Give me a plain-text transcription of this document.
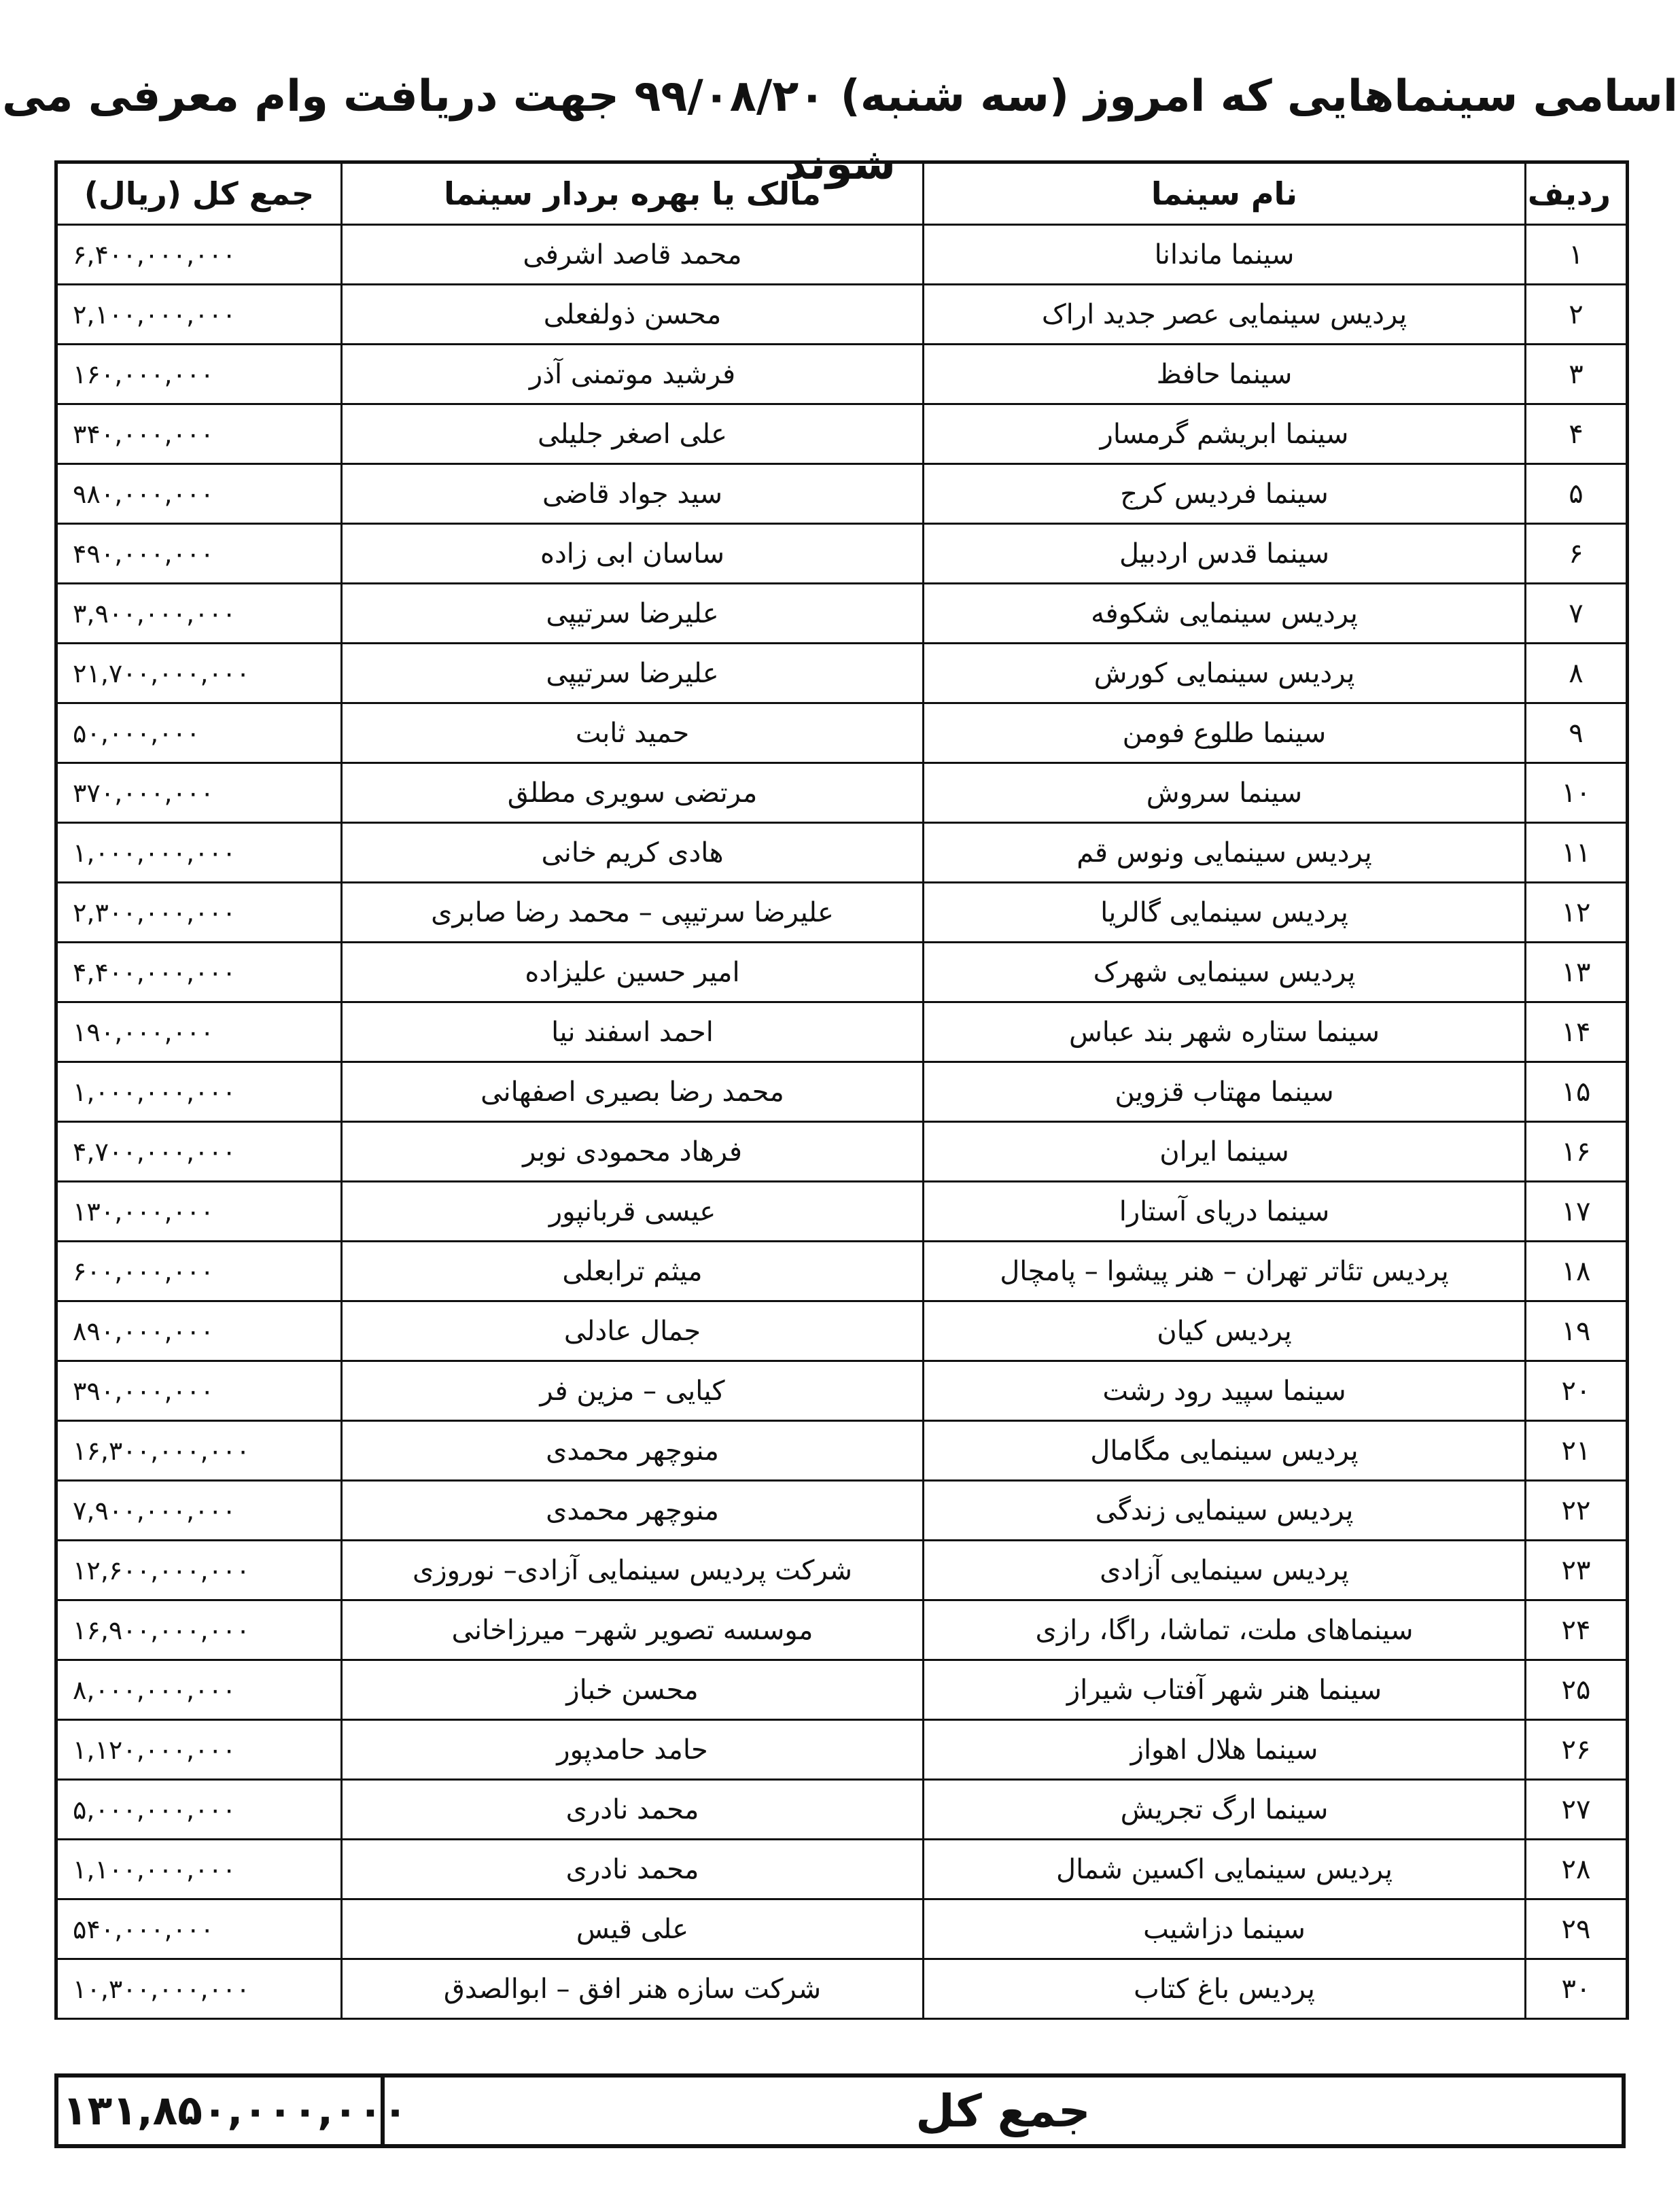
اسامی سینماهایی که امروز (سه شنبه) ۹۹/۰۸/۲۰ جهت دریافت وام معرفی می شوند
جمع کل (ریال)	مالک یا بهره بردار سینما	نام سینما	ردیف
۶,۴۰۰,۰۰۰,۰۰۰	محمد قاصد اشرفی	سینما ماندانا	۱
۲,۱۰۰,۰۰۰,۰۰۰	محسن ذولفعلی	پردیس سینمایی عصر جدید اراک	۲
۱۶۰,۰۰۰,۰۰۰	فرشید موتمنی آذر	سینما حافظ	۳
۳۴۰,۰۰۰,۰۰۰	علی اصغر جلیلی	سینما ابریشم گرمسار	۴
۹۸۰,۰۰۰,۰۰۰	سید جواد قاضی	سینما فردیس کرج	۵
۴۹۰,۰۰۰,۰۰۰	ساسان ابی زاده	سینما قدس اردبیل	۶
۳,۹۰۰,۰۰۰,۰۰۰	علیرضا سرتیپی	پردیس سینمایی شکوفه	۷
۲۱,۷۰۰,۰۰۰,۰۰۰	علیرضا سرتیپی	پردیس سینمایی کورش	۸
۵۰,۰۰۰,۰۰۰	حمید ثابت	سینما طلوع فومن	۹
۳۷۰,۰۰۰,۰۰۰	مرتضی سویری مطلق	سینما سروش	۱۰
۱,۰۰۰,۰۰۰,۰۰۰	هادی کریم خانی	پردیس سینمایی ونوس قم	۱۱
۲,۳۰۰,۰۰۰,۰۰۰	علیرضا سرتیپی – محمد رضا صابری	پردیس سینمایی گالریا	۱۲
۴,۴۰۰,۰۰۰,۰۰۰	امیر حسین علیزاده	پردیس سینمایی شهرک	۱۳
۱۹۰,۰۰۰,۰۰۰	احمد اسفند نیا	سینما ستاره شهر بند عباس	۱۴
۱,۰۰۰,۰۰۰,۰۰۰	محمد رضا بصیری اصفهانی	سینما مهتاب قزوین	۱۵
۴,۷۰۰,۰۰۰,۰۰۰	فرهاد محمودی نوبر	سینما ایران	۱۶
۱۳۰,۰۰۰,۰۰۰	عیسی قربانپور	سینما دریای آستارا	۱۷
۶۰۰,۰۰۰,۰۰۰	میثم ترابعلی	پردیس تئاتر تهران – هنر پیشوا – پامچال	۱۸
۸۹۰,۰۰۰,۰۰۰	جمال عادلی	پردیس کیان	۱۹
۳۹۰,۰۰۰,۰۰۰	کیایی – مزین فر	سینما سپید رود رشت	۲۰
۱۶,۳۰۰,۰۰۰,۰۰۰	منوچهر محمدی	پردیس سینمایی مگامال	۲۱
۷,۹۰۰,۰۰۰,۰۰۰	منوچهر محمدی	پردیس سینمایی زندگی	۲۲
۱۲,۶۰۰,۰۰۰,۰۰۰	شرکت پردیس سینمایی آزادی– نوروزی	پردیس سینمایی آزادی	۲۳
۱۶,۹۰۰,۰۰۰,۰۰۰	موسسه تصویر شهر– میرزاخانی	سینماهای ملت، تماشا، راگا، رازی	۲۴
۸,۰۰۰,۰۰۰,۰۰۰	محسن خباز	سینما هنر شهر آفتاب شیراز	۲۵
۱,۱۲۰,۰۰۰,۰۰۰	حامد حامدپور	سینما هلال اهواز	۲۶
۵,۰۰۰,۰۰۰,۰۰۰	محمد نادری	سینما ارگ تجریش	۲۷
۱,۱۰۰,۰۰۰,۰۰۰	محمد نادری	پردیس سینمایی اکسین شمال	۲۸
۵۴۰,۰۰۰,۰۰۰	علی قیس	سینما دزاشیب	۲۹
۱۰,۳۰۰,۰۰۰,۰۰۰	شرکت سازه هنر افق – ابوالصدق	پردیس باغ کتاب	۳۰
۱۳۱,۸۵۰,۰۰۰,۰۰۰	جمع کل
